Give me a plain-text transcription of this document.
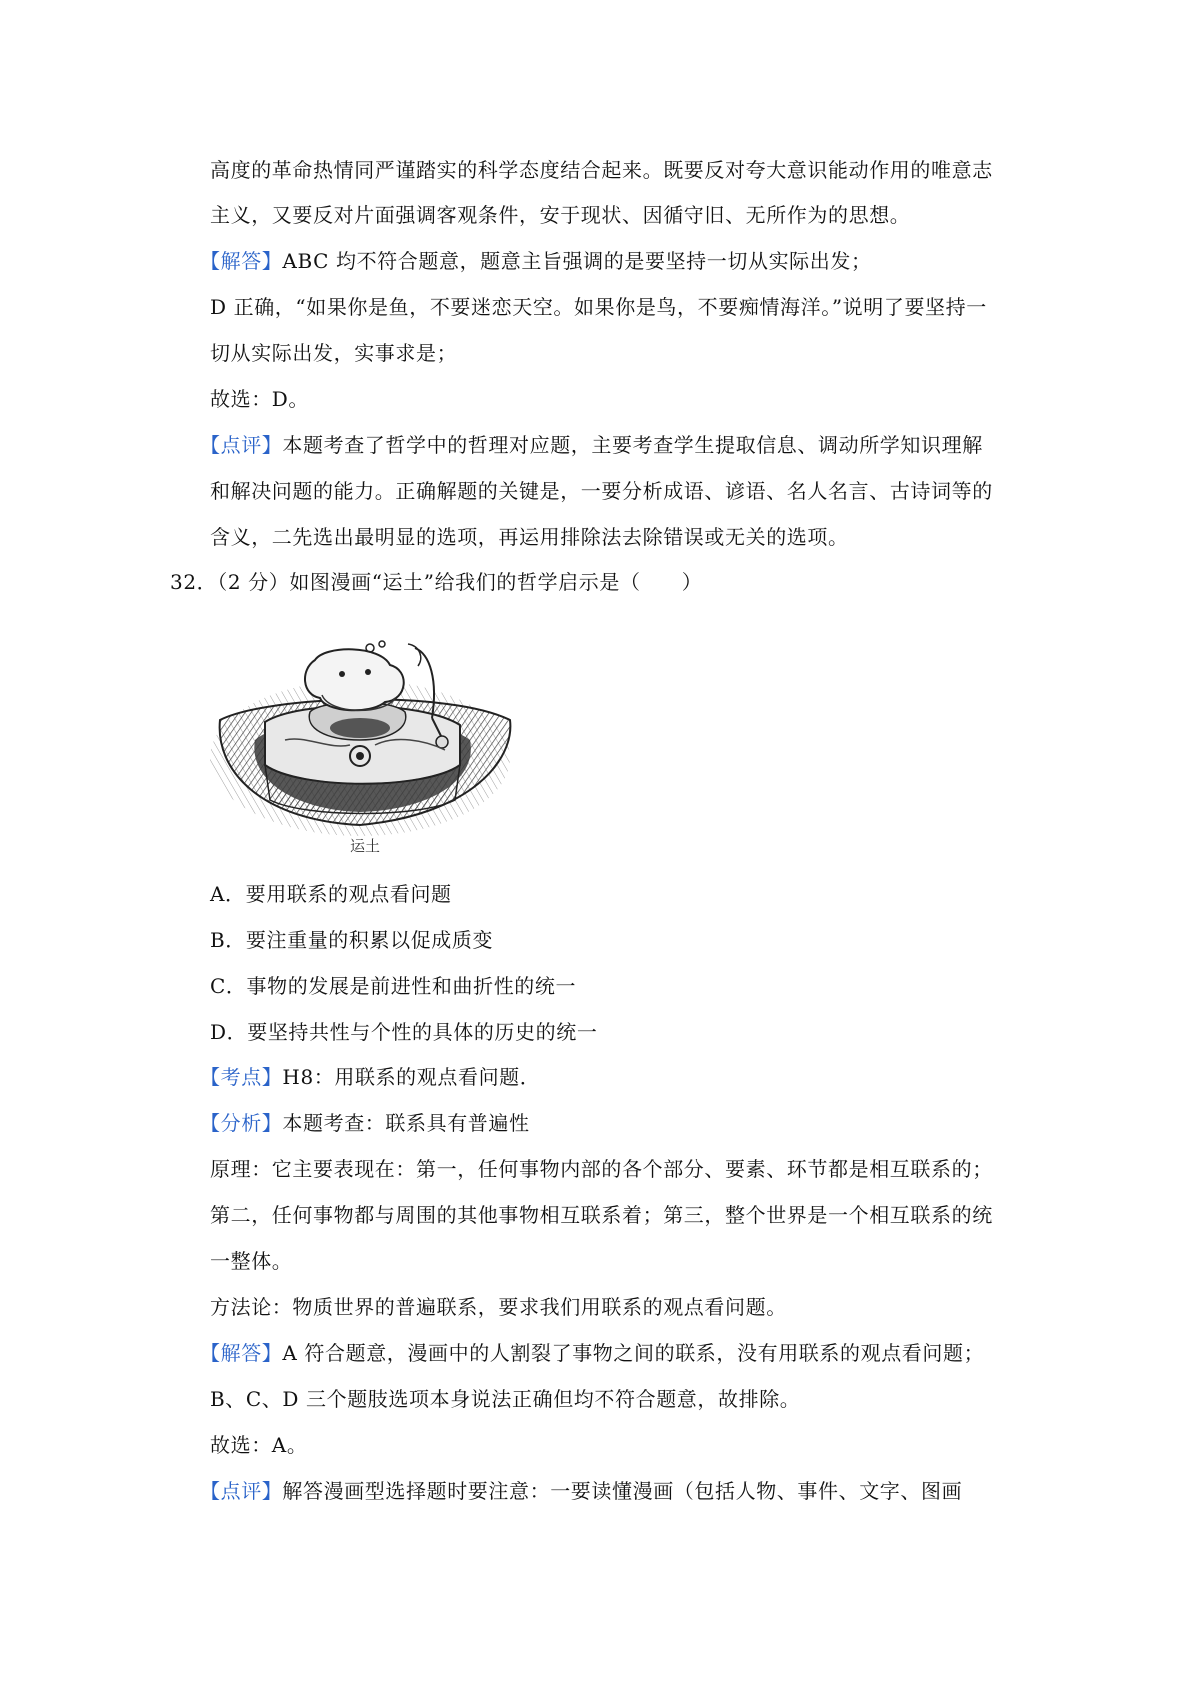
高度的革命热情同严谨踏实的科学态度结合起来。既要反对夸大意识能动作用的唯意志
主义，又要反对片面强调客观条件，安于现状、因循守旧、无所作为的思想。
【解答】ABC 均不符合题意，题意主旨强调的是要坚持一切从实际出发；
D 正确，“如果你是鱼，不要迷恋天空。如果你是鸟，不要痴情海洋。”说明了要坚持一
切从实际出发，实事求是；
故选：D。
【点评】本题考查了哲学中的哲理对应题，主要考查学生提取信息、调动所学知识理解
和解决问题的能力。正确解题的关键是，一要分析成语、谚语、名人名言、古诗词等的
含义，二先选出最明显的选项，再运用排除法去除错误或无关的选项。
32．（2 分）如图漫画“运土”给我们的哲学启示是（　　）
运土
A．要用联系的观点看问题
B．要注重量的积累以促成质变
C．事物的发展是前进性和曲折性的统一
D．要坚持共性与个性的具体的历史的统一
【考点】H8：用联系的观点看问题．
【分析】本题考查：联系具有普遍性
原理：它主要表现在：第一，任何事物内部的各个部分、要素、环节都是相互联系的；
第二，任何事物都与周围的其他事物相互联系着；第三，整个世界是一个相互联系的统
一整体。
方法论：物质世界的普遍联系，要求我们用联系的观点看问题。
【解答】A 符合题意，漫画中的人割裂了事物之间的联系，没有用联系的观点看问题；
B、C、D 三个题肢选项本身说法正确但均不符合题意，故排除。
故选：A。
【点评】解答漫画型选择题时要注意：一要读懂漫画（包括人物、事件、文字、图画
